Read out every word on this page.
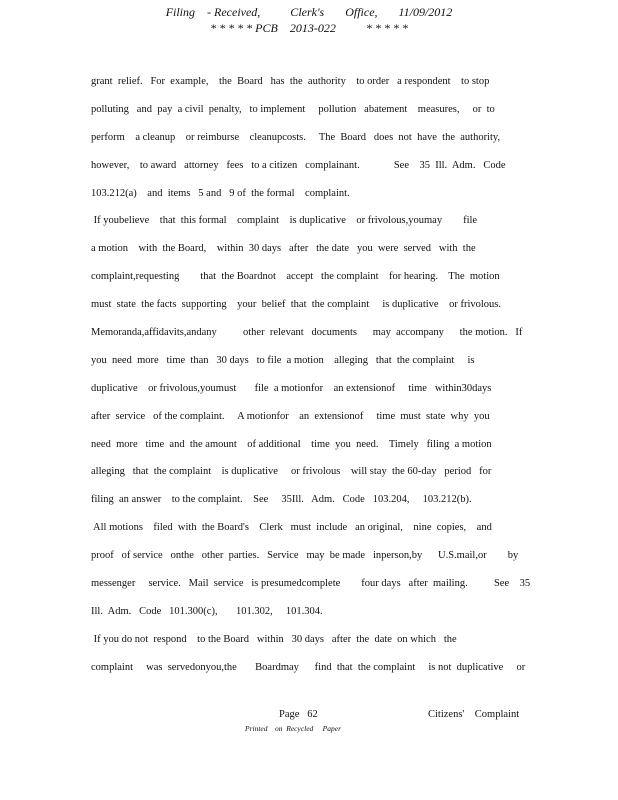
Filing    - Received,          Clerk's       Office,       11/09/2012
* * * * * PCB    2013-022          * * * * *
grant  relief.   For  example,    the  Board   has  the  authority    to order   a respondent    to stop
polluting   and  pay  a civil  penalty,   to implement     pollution   abatement    measures,     or  to
perform    a cleanup    or reimburse    cleanupcosts.     The  Board   does  not  have  the  authority,
however,    to award   attorney   fees   to a citizen   complainant.             See    35  Ill.  Adm.   Code
103.212(a)    and  items   5 and   9 of  the formal    complaint.
If youbelieve    that  this formal    complaint    is duplicative    or frivolous,youmay        file
a motion    with  the Board,    within  30 days   after   the date   you  were  served   with  the
complaint,requesting        that  the Boardnot    accept   the complaint    for hearing.    The  motion
must  state  the facts  supporting    your  belief  that  the complaint     is duplicative    or frivolous.
Memoranda,affidavits,andany          other  relevant   documents      may  accompany      the motion.   If
you  need  more   time  than   30 days   to file  a motion    alleging   that  the complaint     is
duplicative    or frivolous,youmust       file  a motionfor    an extensionof     time   within30days
after  service   of the complaint.     A motionfor    an  extensionof     time  must  state  why  you
need  more   time  and  the amount    of additional    time  you  need.    Timely   filing  a motion
alleging   that  the complaint    is duplicative     or frivolous    will stay  the 60-day   period   for
filing  an answer    to the complaint.    See     35Ill.   Adm.   Code   103.204,     103.212(b).
All motions    filed  with  the Board's    Clerk   must  include   an original,    nine  copies,    and
proof   of service   onthe   other  parties.   Service   may  be made   inperson,by      U.S.mail,or        by
messenger     service.   Mail  service   is presumedcomplete        four days   after  mailing.          See    35
Ill.  Adm.   Code   101.300(c),       101.302,     101.304.
If you do not  respond    to the Board   within   30 days   after  the  date  on which   the
complaint     was  servedonyou,the       Boardmay      find  that  the complaint     is not  duplicative     or
Page   62	Citizens'    Complaint
Printed    on  Recycled     Paper
